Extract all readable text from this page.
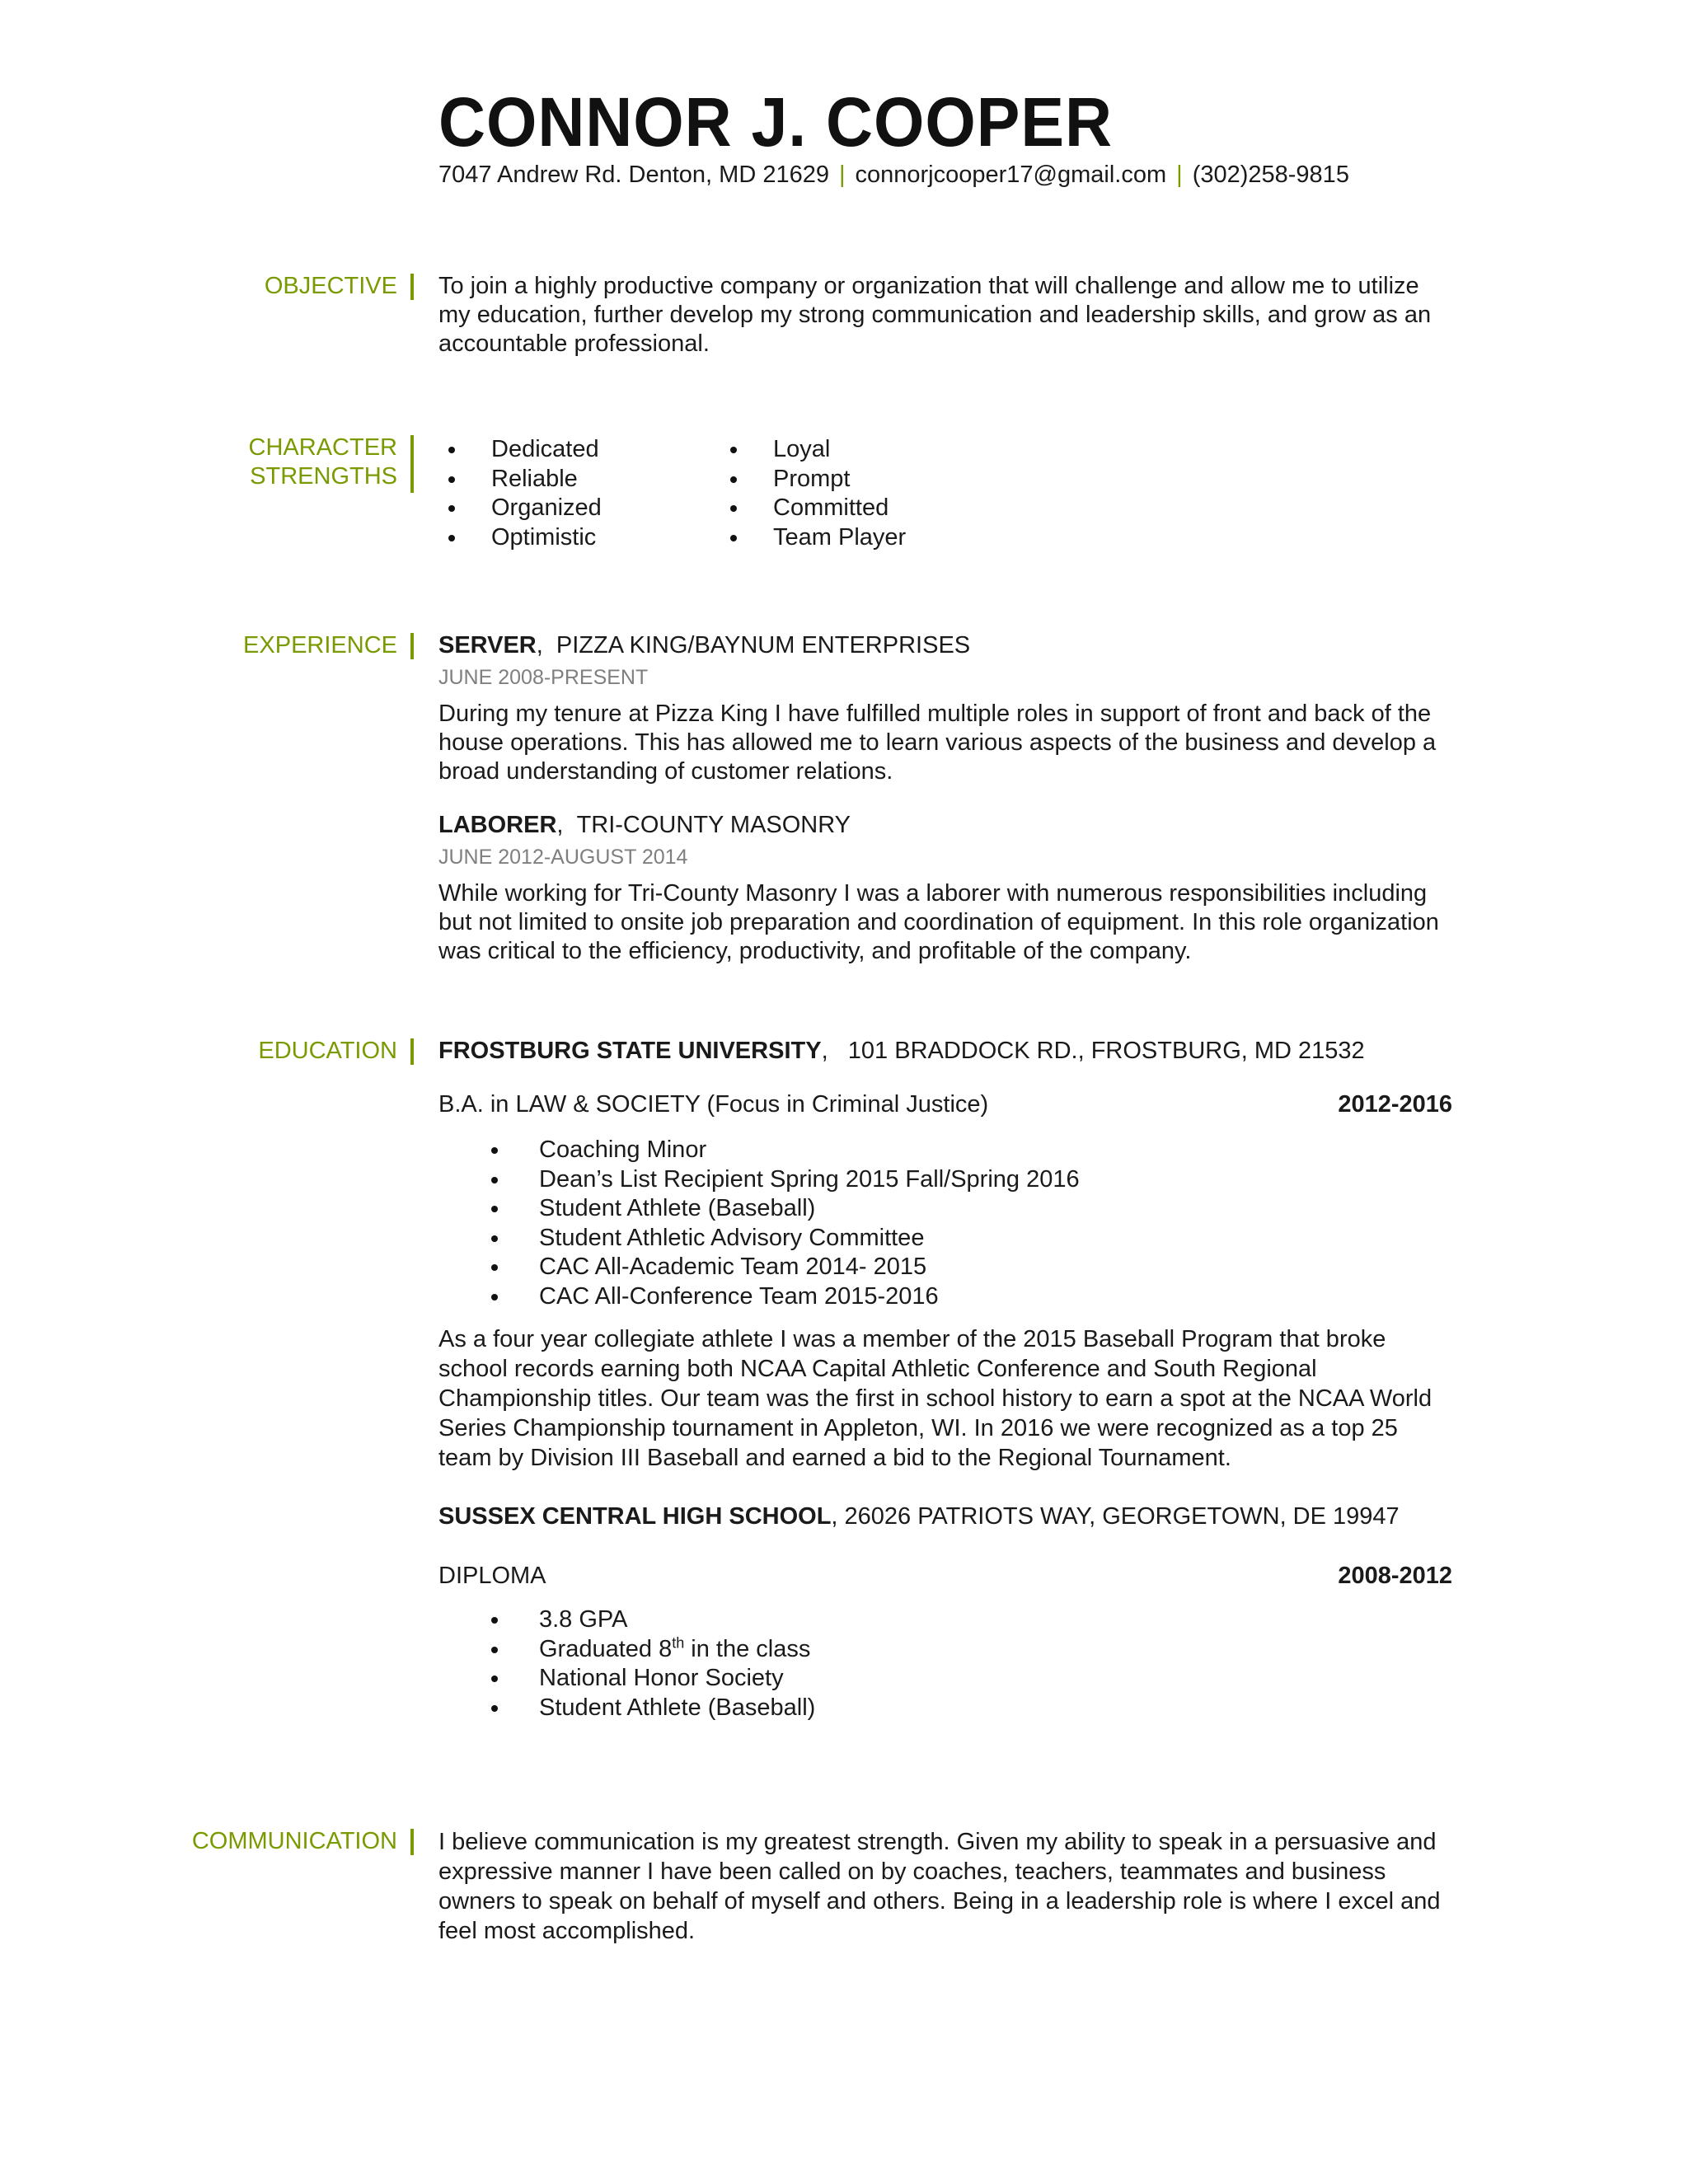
CONNOR J. COOPER
7047 Andrew Rd. Denton, MD 21629 | connorjcooper17@gmail.com | (302)258-9815
OBJECTIVE To join a highly productive company or organization that will challenge and allow me to utilize my education, further develop my strong communication and leadership skills, and grow as an accountable professional.

CHARACTER
STRENGTHS
Dedicated
Reliable
Organized
Optimistic
Loyal
Prompt
Committed
Team Player
EXPERIENCE SERVER,  PIZZA KING/BAYNUM ENTERPRISES
JUNE 2008-PRESENT

During my tenure at Pizza King I have fulfilled multiple roles in support of front and back of the house operations. This has allowed me to learn various aspects of the business and develop a broad understanding of customer relations.

LABORER,  TRI-COUNTY MASONRY
JUNE 2012-AUGUST 2014

While working for Tri-County Masonry I was a laborer with numerous responsibilities including but not limited to onsite job preparation and coordination of equipment. In this role organization was critical to the efficiency, productivity, and profitable of the company.

EDUCATION FROSTBURG STATE UNIVERSITY,   101 BRADDOCK RD., FROSTBURG, MD 21532
B.A. in LAW & SOCIETY (Focus in Criminal Justice)	2012-2016
Coaching Minor
Dean’s List Recipient Spring 2015 Fall/Spring 2016
Student Athlete (Baseball)
Student Athletic Advisory Committee
CAC All-Academic Team 2014- 2015
CAC All-Conference Team 2015-2016

As a four year collegiate athlete I was a member of the 2015 Baseball Program that broke school records earning both NCAA Capital Athletic Conference and South Regional Championship titles. Our team was the first in school history to earn a spot at the NCAA World Series Championship tournament in Appleton, WI. In 2016 we were recognized as a top 25 team by Division III Baseball and earned a bid to the Regional Tournament.

SUSSEX CENTRAL HIGH SCHOOL, 26026 PATRIOTS WAY, GEORGETOWN, DE 19947
DIPLOMA	2008-2012
3.8 GPA
Graduated 8th in the class
National Honor Society
Student Athlete (Baseball)
COMMUNICATION I believe communication is my greatest strength. Given my ability to speak in a persuasive and expressive manner I have been called on by coaches, teachers, teammates and business owners to speak on behalf of myself and others. Being in a leadership role is where I excel and feel most accomplished.
